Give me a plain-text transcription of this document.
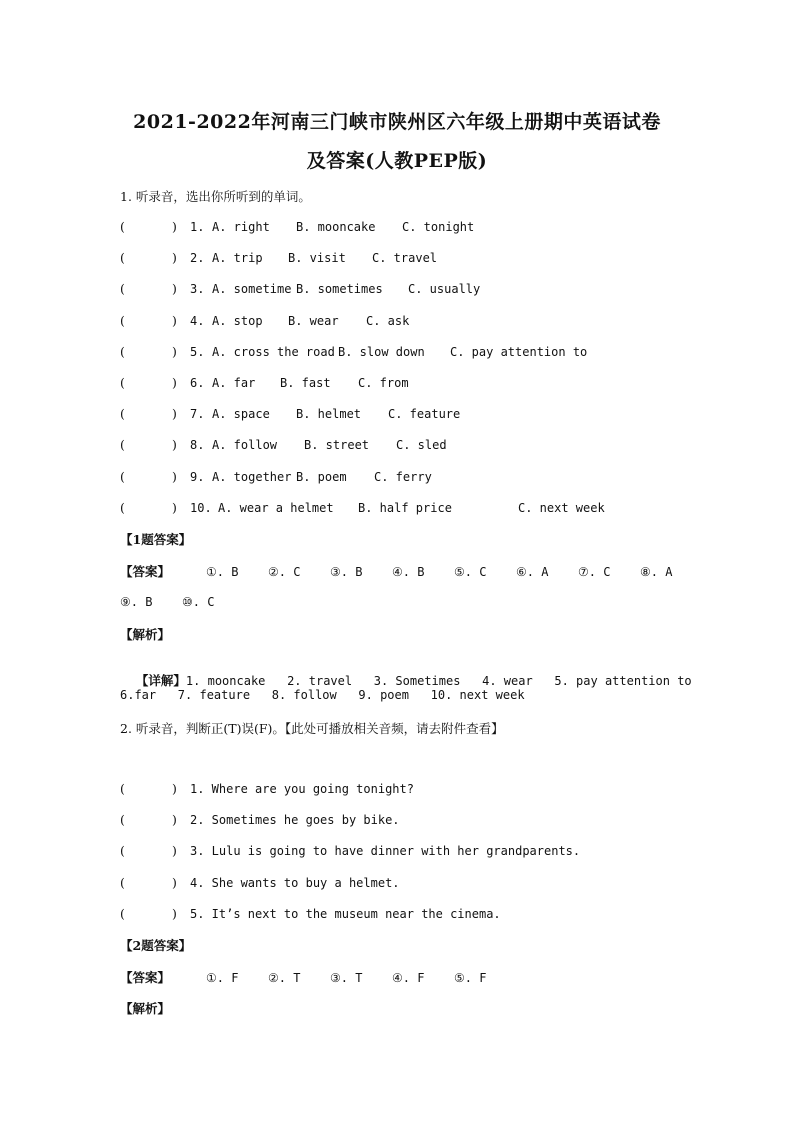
2021-2022年河南三门峡市陕州区六年级上册期中英语试卷
及答案(人教PEP版)
1. 听录音，选出你所听到的单词。
(	)	1. A. right	B. mooncake	C. tonight
(	)	2. A. trip	B. visit	C. travel
(	)	3. A. sometime B. sometimes	C. usually
(	)	4. A. stop	B. wear	C. ask
(	)	5. A. cross the road B. slow down	C. pay attention to
(	)	6. A. far	B. fast	C. from
(	)	7. A. space	B. helmet	C. feature
(	)	8. A. follow	B. street	C. sled
(	)	9. A. together B. poem	C. ferry
(	)	10. A. wear a helmet	B. half price	C. next week
【1题答案】
【答案】	①. B ②. C ③. B ④. B ⑤. C ⑥. A ⑦. C ⑧. A
⑨. B ⑩. C
【解析】

【详解】1. mooncake   2. travel   3. Sometimes   4. wear   5. pay attention to

6.far   7. feature   8. follow   9. poem   10. next week
2. 听录音，判断正(T)误(F)。【此处可播放相关音频，请去附件查看】
(	)	1. Where are you going tonight?
(	)	2. Sometimes he goes by bike.
(	)	3. Lulu is going to have dinner with her grandparents.
(	)	4. She wants to buy a helmet.
(	)	5. It’s next to the museum near the cinema.
【2题答案】
【答案】	①. F ②. T ③. T ④. F ⑤. F
【解析】
